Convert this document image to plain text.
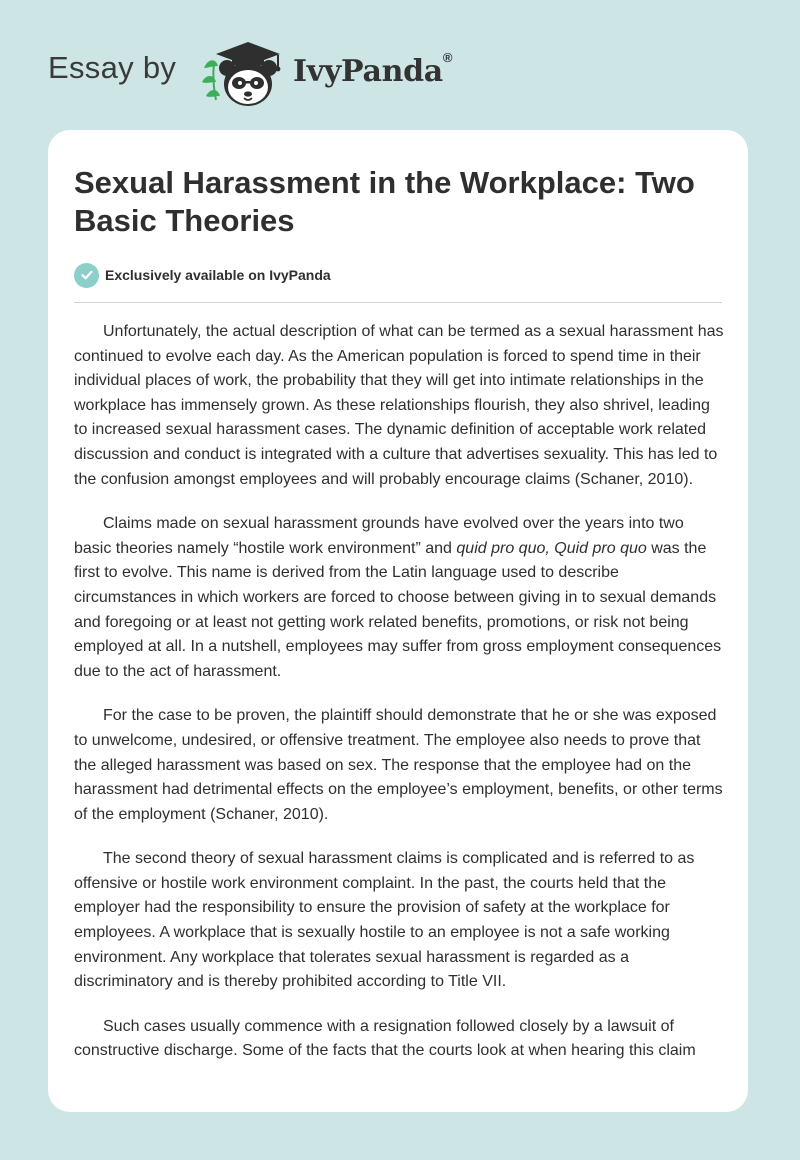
Essay by	IvyPanda®
Sexual Harassment in the Workplace: Two Basic Theories
Exclusively available on IvyPanda

Unfortunately, the actual description of what can be termed as a sexual harassment has continued to evolve each day. As the American population is forced to spend time in their individual places of work, the probability that they will get into intimate relationships in the workplace has immensely grown. As these relationships flourish, they also shrivel, leading to increased sexual harassment cases. The dynamic definition of acceptable work related discussion and conduct is integrated with a culture that advertises sexuality. This has led to the confusion amongst employees and will probably encourage claims (Schaner, 2010).

Claims made on sexual harassment grounds have evolved over the years into two basic theories namely “hostile work environment” and quid pro quo, Quid pro quo was the first to evolve. This name is derived from the Latin language used to describe circumstances in which workers are forced to choose between giving in to sexual demands and foregoing or at least not getting work related benefits, promotions, or risk not being employed at all. In a nutshell, employees may suffer from gross employment consequences due to the act of harassment.

For the case to be proven, the plaintiff should demonstrate that he or she was exposed to unwelcome, undesired, or offensive treatment. The employee also needs to prove that the alleged harassment was based on sex. The response that the employee had on the harassment had detrimental effects on the employee’s employment, benefits, or other terms of the employment (Schaner, 2010).

The second theory of sexual harassment claims is complicated and is referred to as offensive or hostile work environment complaint. In the past, the courts held that the employer had the responsibility to ensure the provision of safety at the workplace for employees. A workplace that is sexually hostile to an employee is not a safe working environment. Any workplace that tolerates sexual harassment is regarded as a discriminatory and is thereby prohibited according to Title VII.

Such cases usually commence with a resignation followed closely by a lawsuit of constructive discharge. Some of the facts that the courts look at when hearing this claim
